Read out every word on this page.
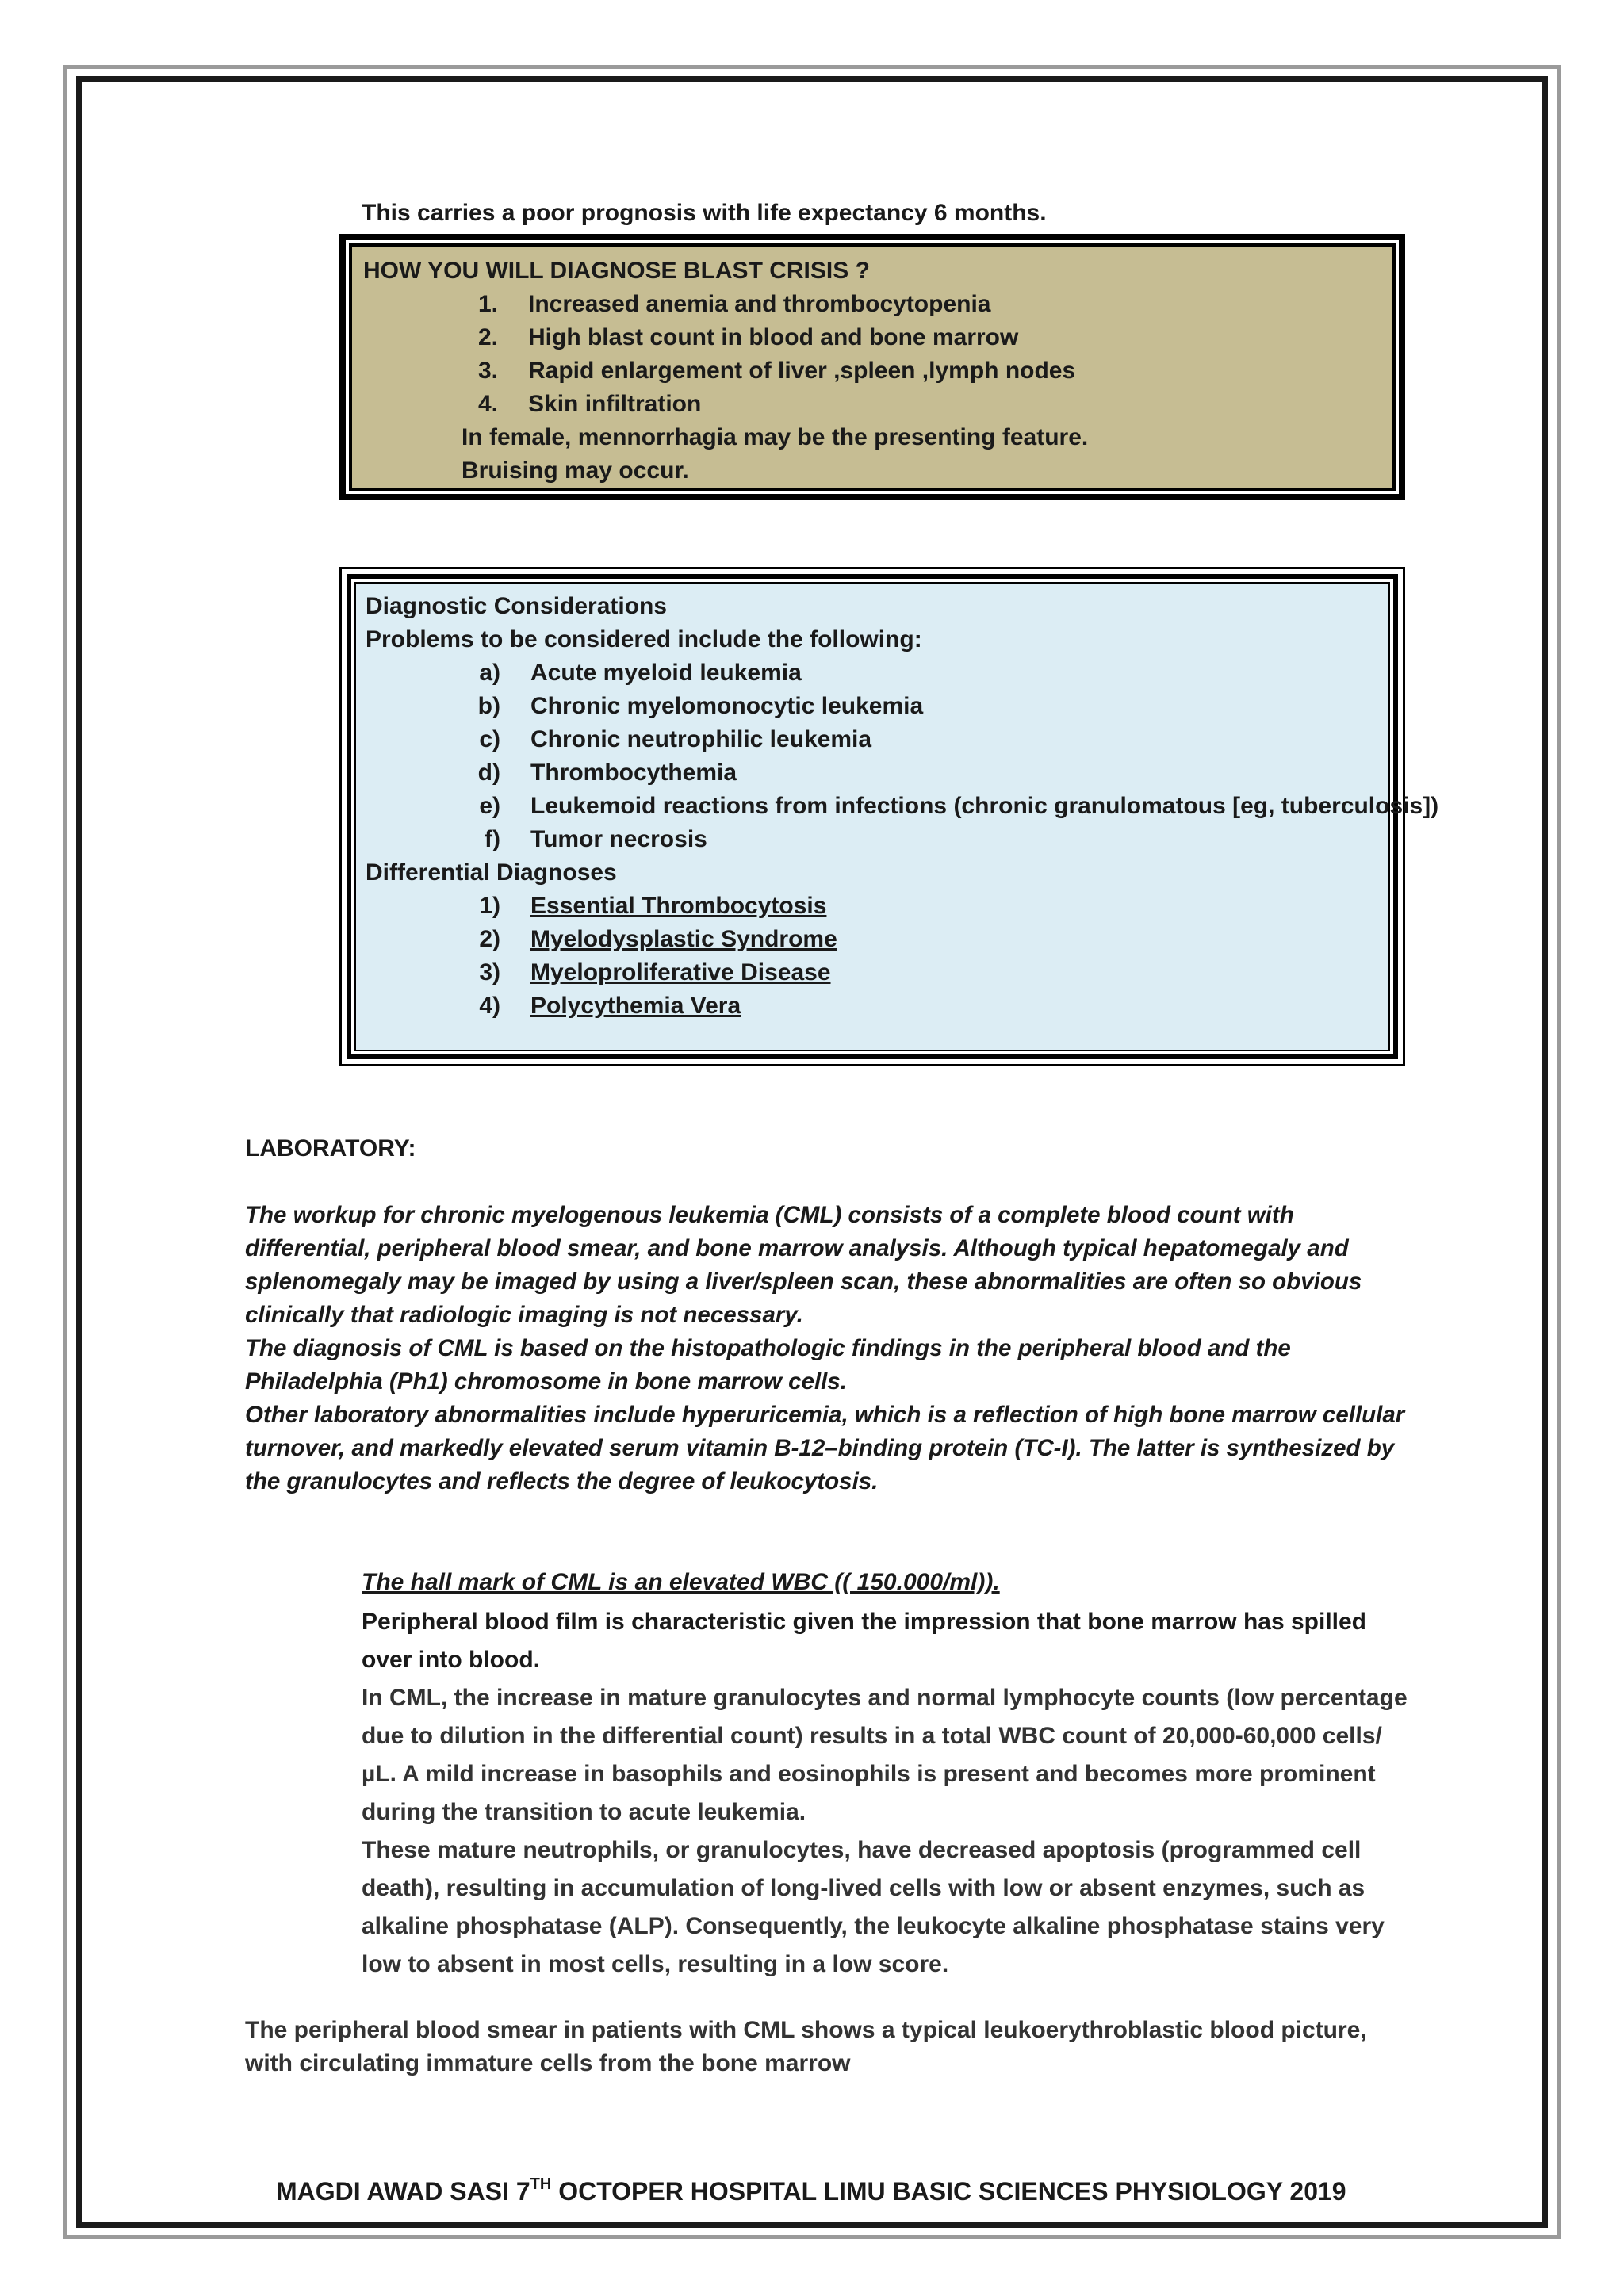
This carries a poor prognosis with life expectancy 6 months.
HOW YOU WILL DIAGNOSE BLAST CRISIS ?
1.	Increased anemia and thrombocytopenia
2.	High blast count in blood and bone marrow
3.	Rapid enlargement of liver ,spleen ,lymph nodes
4.	Skin infiltration
In female, mennorrhagia may be the presenting feature.
Bruising may occur.
Diagnostic Considerations
Problems to be considered include the following:
a)	Acute myeloid leukemia
b)	Chronic myelomonocytic leukemia
c)	Chronic neutrophilic leukemia
d)	Thrombocythemia
e)	Leukemoid reactions from infections (chronic granulomatous [eg, tuberculosis])
f)	Tumor necrosis
Differential Diagnoses
1)	Essential Thrombocytosis
2)	Myelodysplastic Syndrome
3)	Myeloproliferative Disease
4)	Polycythemia Vera
LABORATORY:

The workup for chronic myelogenous leukemia (CML) consists of a complete blood count with differential, peripheral blood smear, and bone marrow analysis. Although typical hepatomegaly and splenomegaly may be imaged by using a liver/spleen scan, these abnormalities are often so obvious clinically that radiologic imaging is not necessary.

The diagnosis of CML is based on the histopathologic findings in the peripheral blood and the Philadelphia (Ph1) chromosome in bone marrow cells.

Other laboratory abnormalities include hyperuricemia, which is a reflection of high bone marrow cellular turnover, and markedly elevated serum vitamin B-12–binding protein (TC-I). The latter is synthesized by the granulocytes and reflects the degree of leukocytosis.

The hall mark of CML is an elevated WBC (( 150.000/ml)).

Peripheral blood film is characteristic given the impression that bone marrow has spilled over into blood.

In CML, the increase in mature granulocytes and normal lymphocyte counts (low percentage due to dilution in the differential count) results in a total WBC count of 20,000-60,000 cells/µL. A mild increase in basophils and eosinophils is present and becomes more prominent during the transition to acute leukemia.

These mature neutrophils, or granulocytes, have decreased apoptosis (programmed cell death), resulting in accumulation of long-lived cells with low or absent enzymes, such as alkaline phosphatase (ALP). Consequently, the leukocyte alkaline phosphatase stains very low to absent in most cells, resulting in a low score.

The peripheral blood smear in patients with CML shows a typical leukoerythroblastic blood picture, with circulating immature cells from the bone marrow
MAGDI AWAD SASI 7TH OCTOPER HOSPITAL LIMU BASIC SCIENCES PHYSIOLOGY 2019
